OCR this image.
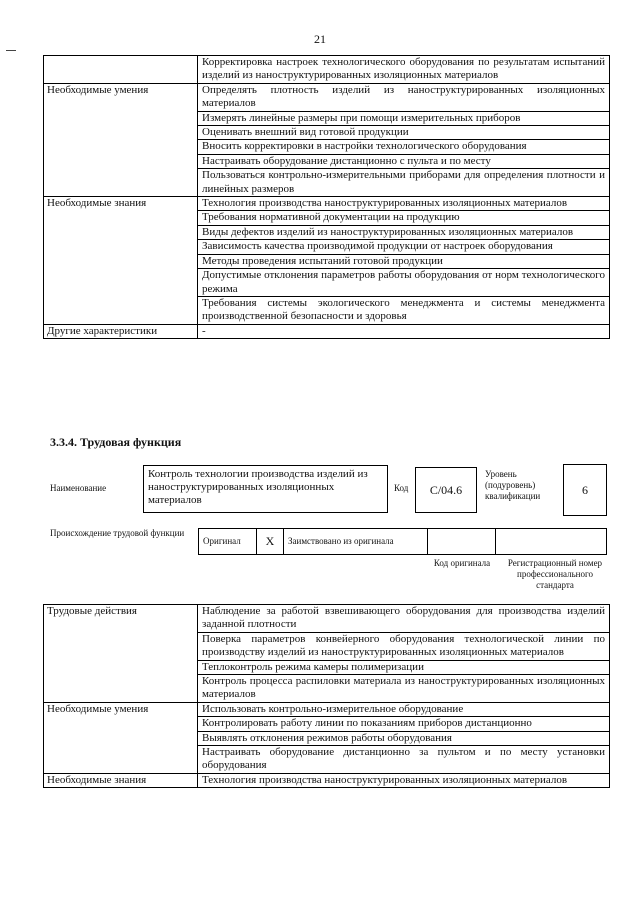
21
	Корректировка настроек технологического оборудования по результатам испытаний изделий из наноструктурированных изоляционных материалов
Необходимые умения	Определять плотность изделий из наноструктурированных изоляционных материалов
	Измерять линейные размеры при помощи измерительных приборов
	Оценивать внешний вид готовой продукции
	Вносить корректировки в настройки технологического оборудования
	Настраивать оборудование дистанционно с пульта и по месту
	Пользоваться контрольно-измерительными приборами для определения плотности и линейных размеров
Необходимые знания	Технология производства наноструктурированных изоляционных материалов
	Требования нормативной документации на продукцию
	Виды дефектов изделий из наноструктурированных изоляционных материалов
	Зависимость качества производимой продукции от настроек оборудования
	Методы проведения испытаний готовой продукции
	Допустимые отклонения параметров работы оборудования от норм технологического режима
	Требования системы экологического менеджмента и системы менеджмента производственной безопасности и здоровья
Другие характеристики	-
3.3.4. Трудовая функция
Наименование
Контроль технологии производства изделий из наноструктурированных изоляционных материалов
Код	С/04.6
Уровень (подуровень) квалификации	6
Происхождение трудовой функции
Оригинал	Х	Заимствовано из оригинала
Код оригинала	Регистрационный номер профессионального стандарта
Трудовые действия	Наблюдение за работой взвешивающего оборудования для производства изделий заданной плотности
	Поверка параметров конвейерного оборудования технологической линии по производству изделий из наноструктурированных изоляционных материалов
	Теплоконтроль режима камеры полимеризации
	Контроль процесса распиловки материала из наноструктурированных изоляционных материалов
Необходимые умения	Использовать контрольно-измерительное оборудование
	Контролировать работу линии по показаниям приборов дистанционно
	Выявлять отклонения режимов работы оборудования
	Настраивать оборудование дистанционно за пультом и по месту установки оборудования
Необходимые знания	Технология производства наноструктурированных изоляционных материалов
